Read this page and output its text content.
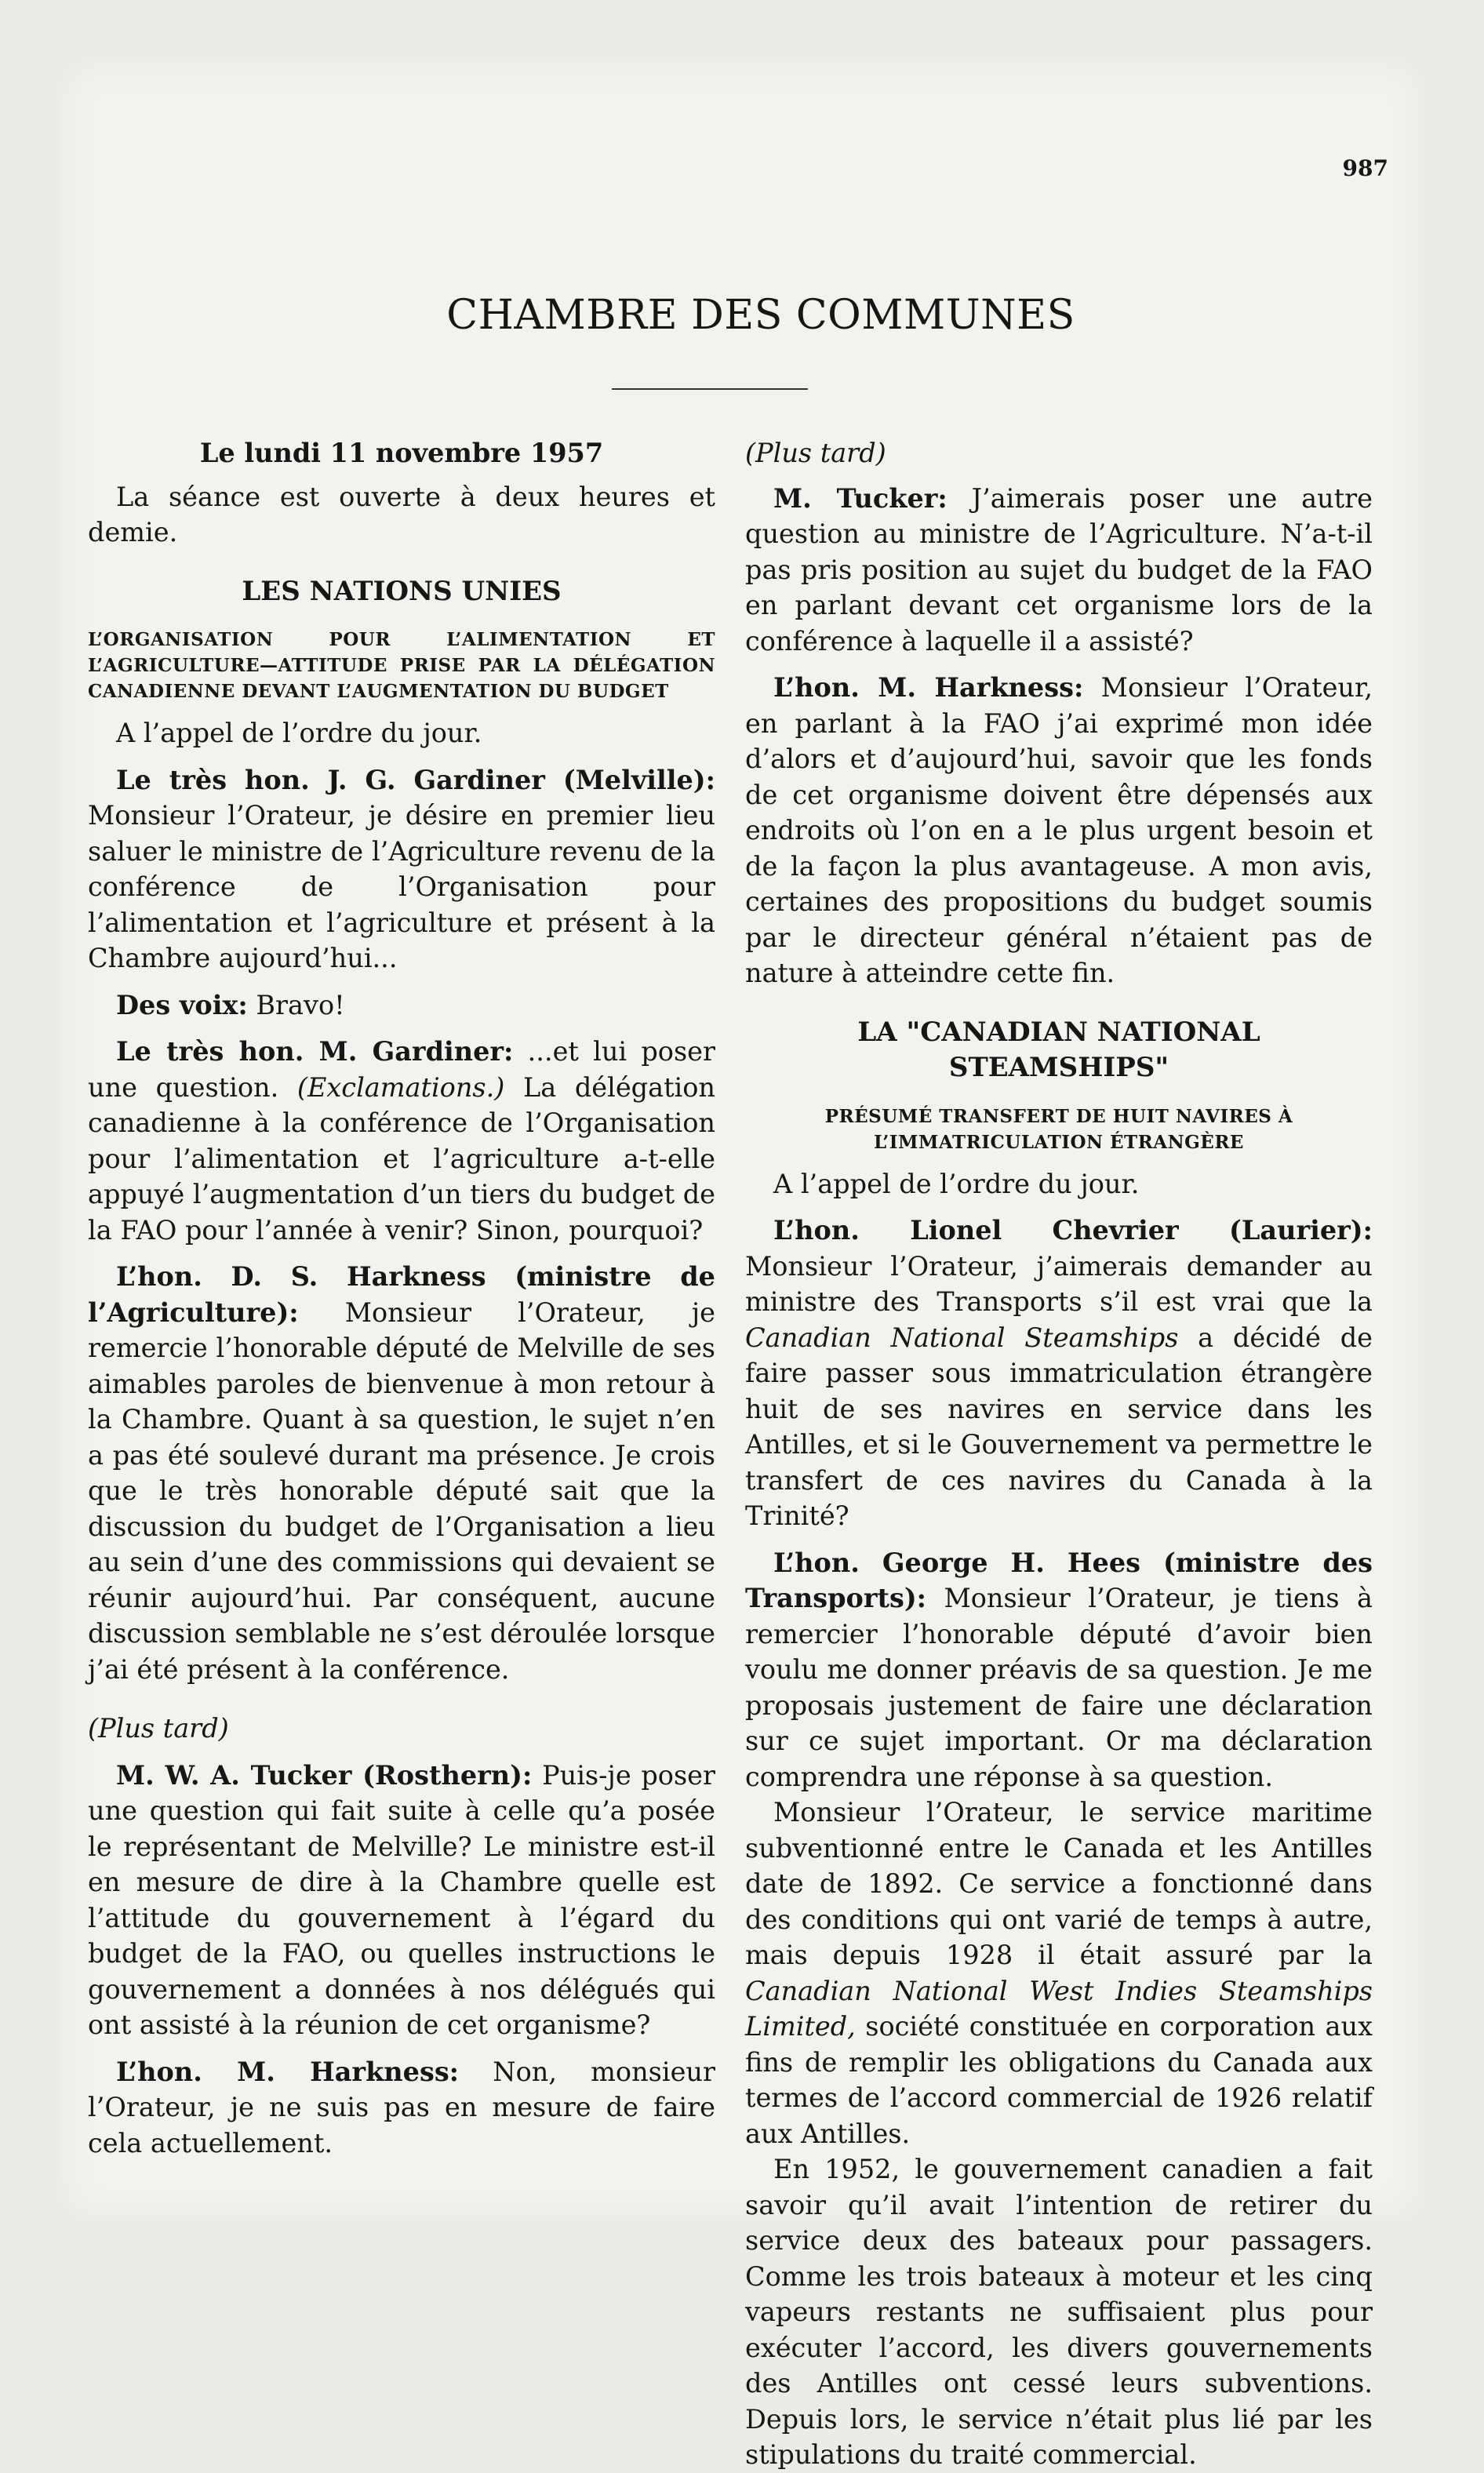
987
CHAMBRE DES COMMUNES

Le lundi 11 novembre 1957

La séance est ouverte à deux heures et demie.

LES NATIONS UNIES

L’ORGANISATION POUR L’ALIMENTATION ET L’AGRICULTURE—ATTITUDE PRISE PAR LA DÉLÉGATION CANADIENNE DEVANT L’AUGMENTATION DU BUDGET

A l’appel de l’ordre du jour.

Le très hon. J. G. Gardiner (Melville): Monsieur l’Orateur, je désire en premier lieu saluer le ministre de l’Agriculture revenu de la conférence de l’Organisation pour l’alimentation et l’agriculture et présent à la Chambre aujourd’hui...

Des voix: Bravo!

Le très hon. M. Gardiner: ...et lui poser une question. (Exclamations.) La délégation canadienne à la conférence de l’Organisation pour l’alimentation et l’agriculture a-t-elle appuyé l’augmentation d’un tiers du budget de la FAO pour l’année à venir? Sinon, pourquoi?

L’hon. D. S. Harkness (ministre de l’Agriculture): Monsieur l’Orateur, je remercie l’honorable député de Melville de ses aimables paroles de bienvenue à mon retour à la Chambre. Quant à sa question, le sujet n’en a pas été soulevé durant ma présence. Je crois que le très honorable député sait que la discussion du budget de l’Organisation a lieu au sein d’une des commissions qui devaient se réunir aujourd’hui. Par conséquent, aucune discussion semblable ne s’est déroulée lorsque j’ai été présent à la conférence.

(Plus tard)

M. W. A. Tucker (Rosthern): Puis-je poser une question qui fait suite à celle qu’a posée le représentant de Melville? Le ministre est-il en mesure de dire à la Chambre quelle est l’attitude du gouvernement à l’égard du budget de la FAO, ou quelles instructions le gouvernement a données à nos délégués qui ont assisté à la réunion de cet organisme?

L’hon. M. Harkness: Non, monsieur l’Orateur, je ne suis pas en mesure de faire cela actuellement.

(Plus tard)

M. Tucker: J’aimerais poser une autre question au ministre de l’Agriculture. N’a-t-il pas pris position au sujet du budget de la FAO en parlant devant cet organisme lors de la conférence à laquelle il a assisté?

L’hon. M. Harkness: Monsieur l’Orateur, en parlant à la FAO j’ai exprimé mon idée d’alors et d’aujourd’hui, savoir que les fonds de cet organisme doivent être dépensés aux endroits où l’on en a le plus urgent besoin et de la façon la plus avantageuse. A mon avis, certaines des propositions du budget soumis par le directeur général n’étaient pas de nature à atteindre cette fin.

LA "CANADIAN NATIONAL STEAMSHIPS"

PRÉSUMÉ TRANSFERT DE HUIT NAVIRES À L’IMMATRICULATION ÉTRANGÈRE

A l’appel de l’ordre du jour.

L’hon. Lionel Chevrier (Laurier): Monsieur l’Orateur, j’aimerais demander au ministre des Transports s’il est vrai que la Canadian National Steamships a décidé de faire passer sous immatriculation étrangère huit de ses navires en service dans les Antilles, et si le Gouvernement va permettre le transfert de ces navires du Canada à la Trinité?

L’hon. George H. Hees (ministre des Transports): Monsieur l’Orateur, je tiens à remercier l’honorable député d’avoir bien voulu me donner préavis de sa question. Je me proposais justement de faire une déclaration sur ce sujet important. Or ma déclaration comprendra une réponse à sa question.

Monsieur l’Orateur, le service maritime subventionné entre le Canada et les Antilles date de 1892. Ce service a fonctionné dans des conditions qui ont varié de temps à autre, mais depuis 1928 il était assuré par la Canadian National West Indies Steamships Limited, société constituée en corporation aux fins de remplir les obligations du Canada aux termes de l’accord commercial de 1926 relatif aux Antilles.

En 1952, le gouvernement canadien a fait savoir qu’il avait l’intention de retirer du service deux des bateaux pour passagers. Comme les trois bateaux à moteur et les cinq vapeurs restants ne suffisaient plus pour exécuter l’accord, les divers gouvernements des Antilles ont cessé leurs subventions. Depuis lors, le service n’était plus lié par les stipulations du traité commercial.
